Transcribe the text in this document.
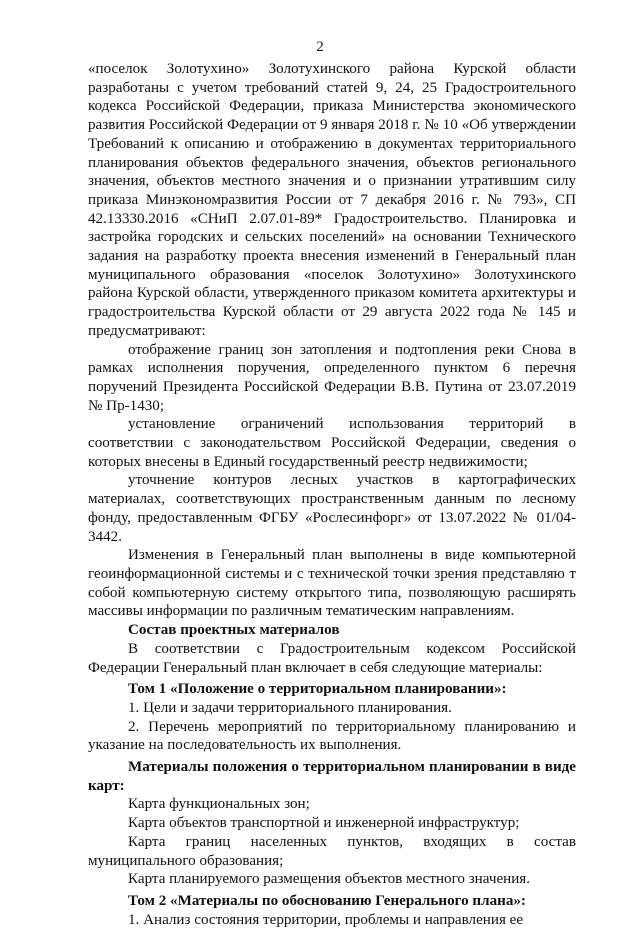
2

«поселок Золотухино» Золотухинского района Курской области разработаны с учетом требований статей 9, 24, 25 Градостроительного кодекса Российской Федерации, приказа Министерства экономического развития Российской Федерации от 9 января 2018 г. № 10 «Об утверждении Требований к описанию и отображению в документах территориального планирования объектов федерального значения, объектов регионального значения, объектов местного значения и о признании утратившим силу приказа Минэкономразвития России от 7 декабря 2016 г. № 793», СП 42.13330.2016 «СНиП 2.07.01-89* Градостроительство. Планировка и застройка городских и сельских поселений» на основании Технического задания на разработку проекта внесения изменений в Генеральный план муниципального образования «поселок Золотухино» Золотухинского района Курской области, утвержденного приказом комитета архитектуры и градостроительства Курской области от 29 августа 2022 года № 145 и предусматривают:

отображение границ зон затопления и подтопления реки Снова в рамках исполнения поручения, определенного пунктом 6 перечня поручений Президента Российской Федерации В.В. Путина от 23.07.2019 № Пр-1430;

установление ограничений использования территорий в соответствии с законодательством Российской Федерации, сведения о которых внесены в Единый государственный реестр недвижимости;

уточнение контуров лесных участков в картографических материалах, соответствующих пространственным данным по лесному фонду, предоставленным ФГБУ «Рослесинфорг» от 13.07.2022 № 01/04-3442.

Изменения в Генеральный план выполнены в виде компьютерной геоинформационной системы и с технической точки зрения представляю т собой компьютерную систему открытого типа, позволяющую расширять массивы информации по различным тематическим направлениям.

Состав проектных материалов

В соответствии с Градостроительным кодексом Российской Федерации Генеральный план включает в себя следующие материалы:

Том 1 «Положение о территориальном планировании»:

1. Цели и задачи территориального планирования.

2. Перечень мероприятий по территориальному планированию и указание на последовательность их выполнения.

Материалы положения о территориальном планировании в виде карт:

Карта функциональных зон;

Карта объектов транспортной и инженерной инфраструктур;

Карта границ населенных пунктов, входящих в состав муниципального образования;

Карта планируемого размещения объектов местного значения.

Том 2 «Материалы по обоснованию Генерального плана»:

1. Анализ состояния территории, проблемы и направления ее
